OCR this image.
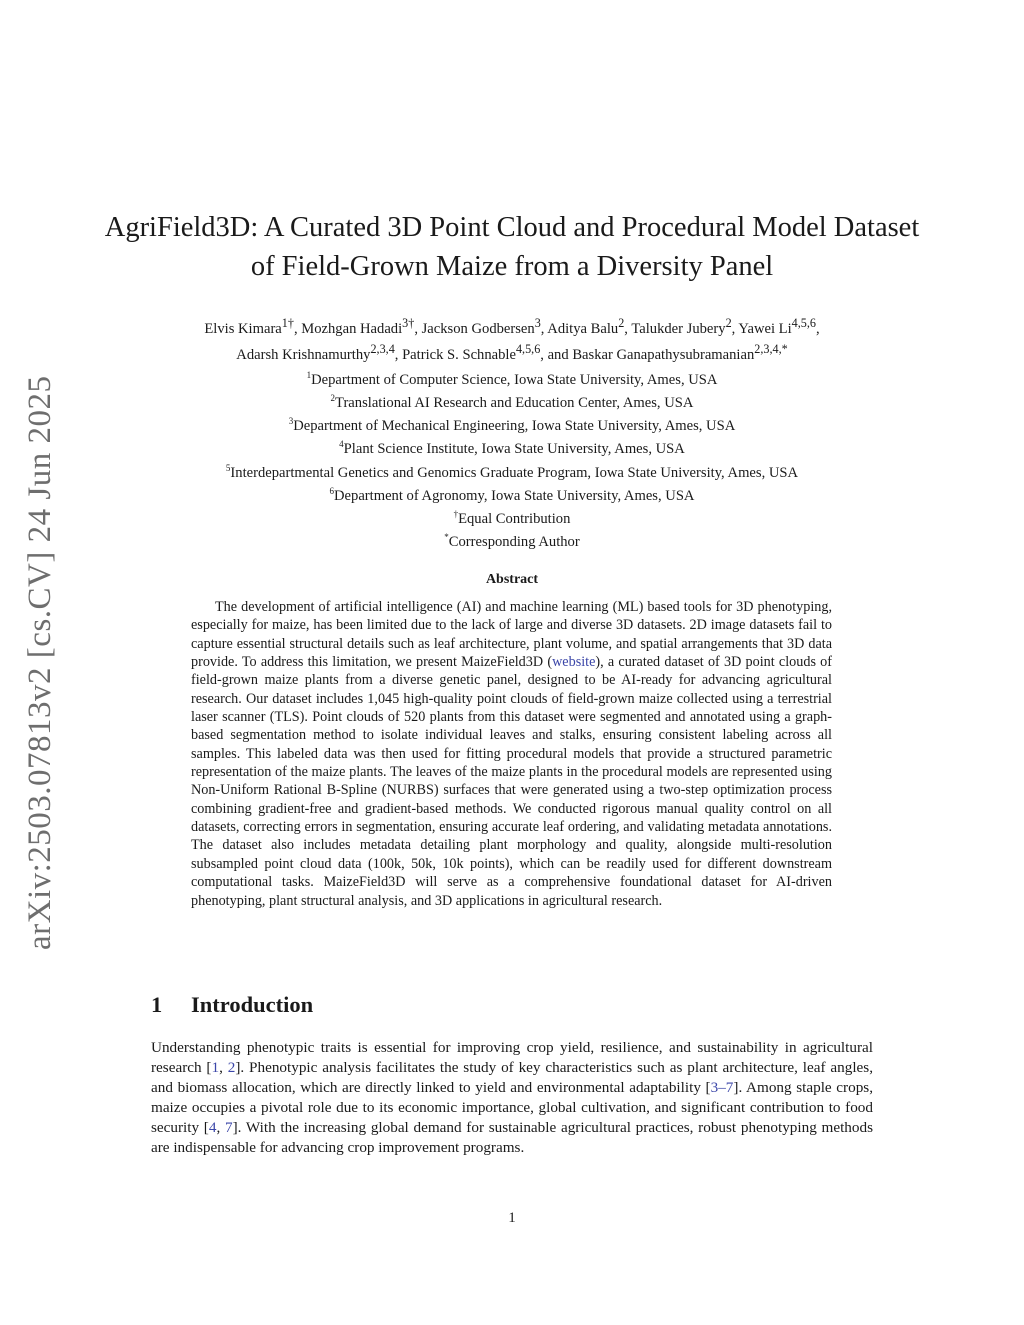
arXiv:2503.07813v2 [cs.CV] 24 Jun 2025
AgriField3D: A Curated 3D Point Cloud and Procedural Model Dataset of Field-Grown Maize from a Diversity Panel
Elvis Kimara$^{1\dagger}$, Mozhgan Hadadi$^{3\dagger}$, Jackson Godbersen$^3$, Aditya Balu$^2$, Talukder Jubery$^2$, Yawei Li$^{4,5,6}$,
Adarsh Krishnamurthy$^{2,3,4}$, Patrick S. Schnable$^{4,5,6}$, and Baskar Ganapathysubramanian$^{2,3,4,*}$
$^1$Department of Computer Science, Iowa State University, Ames, USA
$^2$Translational AI Research and Education Center, Ames, USA
$^3$Department of Mechanical Engineering, Iowa State University, Ames, USA
$^4$Plant Science Institute, Iowa State University, Ames, USA
$^5$Interdepartmental Genetics and Genomics Graduate Program, Iowa State University, Ames, USA
$^6$Department of Agronomy, Iowa State University, Ames, USA
†Equal Contribution
*Corresponding Author
Abstract
The development of artificial intelligence (AI) and machine learning (ML) based tools for 3D phenotyping, especially for maize, has been limited due to the lack of large and diverse 3D datasets. 2D image datasets fail to capture essential structural details such as leaf architecture, plant volume, and spatial arrangements that 3D data provide. To address this limitation, we present MaizeField3D (website), a curated dataset of 3D point clouds of field-grown maize plants from a diverse genetic panel, designed to be AI-ready for advancing agricultural research. Our dataset includes 1,045 high-quality point clouds of field-grown maize collected using a terrestrial laser scanner (TLS). Point clouds of 520 plants from this dataset were segmented and annotated using a graph-based segmentation method to isolate individual leaves and stalks, ensuring consistent labeling across all samples. This labeled data was then used for fitting procedural models that provide a structured parametric representation of the maize plants. The leaves of the maize plants in the procedural models are represented using Non-Uniform Rational B-Spline (NURBS) surfaces that were generated using a two-step optimization process combining gradient-free and gradient-based methods. We conducted rigorous manual quality control on all datasets, correcting errors in segmentation, ensuring accurate leaf ordering, and validating metadata annotations. The dataset also includes metadata detailing plant morphology and quality, alongside multi-resolution subsampled point cloud data (100k, 50k, 10k points), which can be readily used for different downstream computational tasks. MaizeField3D will serve as a comprehensive foundational dataset for AI-driven phenotyping, plant structural analysis, and 3D applications in agricultural research.
1 Introduction
Understanding phenotypic traits is essential for improving crop yield, resilience, and sustainability in agricultural research [1, 2]. Phenotypic analysis facilitates the study of key characteristics such as plant architecture, leaf angles, and biomass allocation, which are directly linked to yield and environmental adaptability [3–7]. Among staple crops, maize occupies a pivotal role due to its economic importance, global cultivation, and significant contribution to food security [4, 7]. With the increasing global demand for sustainable agricultural practices, robust phenotyping methods are indispensable for advancing crop improvement programs.
1
